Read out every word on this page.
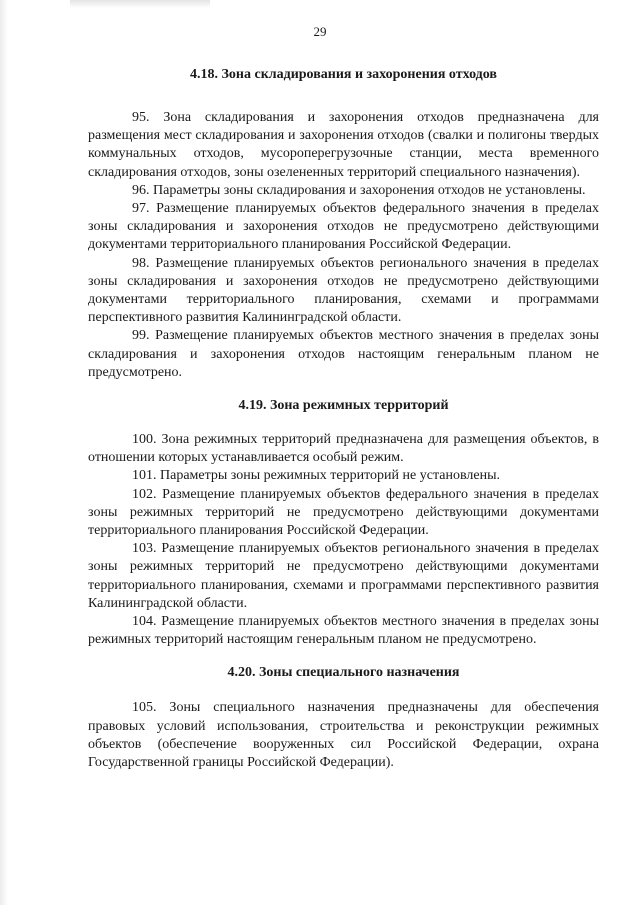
29
4.18. Зона складирования и захоронения отходов

95. Зона складирования и захоронения отходов предназначена для размещения мест складирования и захоронения отходов (свалки и полигоны твердых коммунальных отходов, мусороперегрузочные станции, места временного складирования отходов, зоны озелененных территорий специального назначения).

96. Параметры зоны складирования и захоронения отходов не установлены.

97. Размещение планируемых объектов федерального значения в пределах зоны складирования и захоронения отходов не предусмотрено действующими документами территориального планирования Российской Федерации.

98. Размещение планируемых объектов регионального значения в пределах зоны складирования и захоронения отходов не предусмотрено действующими документами территориального планирования, схемами и программами перспективного развития Калининградской области.

99. Размещение планируемых объектов местного значения в пределах зоны складирования и захоронения отходов настоящим генеральным планом не предусмотрено.

4.19. Зона режимных территорий

100. Зона режимных территорий предназначена для размещения объектов, в отношении которых устанавливается особый режим.

101. Параметры зоны режимных территорий не установлены.

102. Размещение планируемых объектов федерального значения в пределах зоны режимных территорий не предусмотрено действующими документами территориального планирования Российской Федерации.

103. Размещение планируемых объектов регионального значения в пределах зоны режимных территорий не предусмотрено действующими документами территориального планирования, схемами и программами перспективного развития Калининградской области.

104. Размещение планируемых объектов местного значения в пределах зоны режимных территорий настоящим генеральным планом не предусмотрено.

4.20. Зоны специального назначения

105. Зоны специального назначения предназначены для обеспечения правовых условий использования, строительства и реконструкции режимных объектов (обеспечение вооруженных сил Российской Федерации, охрана Государственной границы Российской Федерации).
